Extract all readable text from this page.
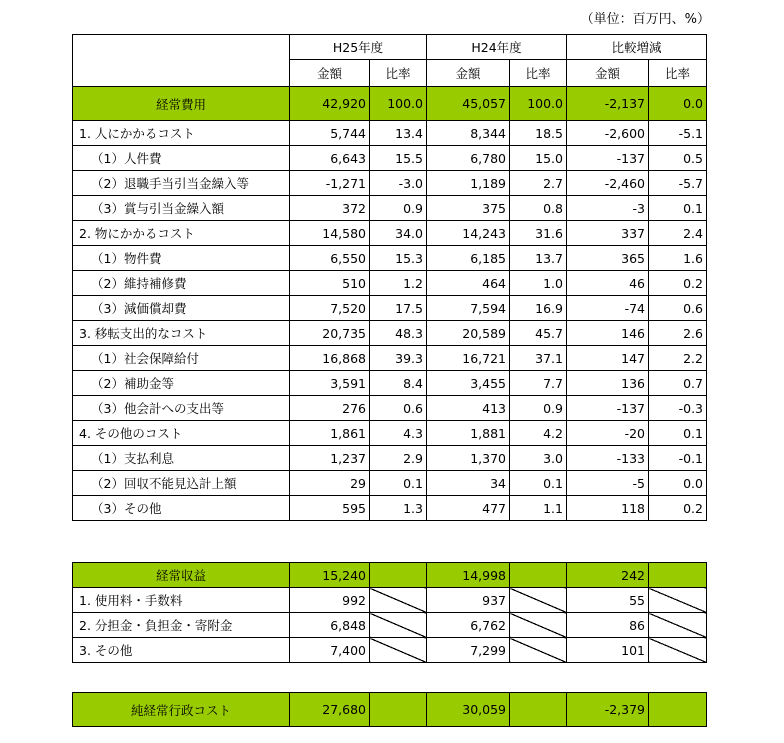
（単位：百万円、%）
	H25年度		H24年度		比較増減	
	金額	比率	金額	比率	金額	比率
経常費用	42,920	100.0	45,057	100.0	-2,137	0.0
1. 人にかかるコスト	5,744	13.4	8,344	18.5	-2,600	-5.1
（1）人件費	6,643	15.5	6,780	15.0	-137	0.5
（2）退職手当引当金繰入等	-1,271	-3.0	1,189	2.7	-2,460	-5.7
（3）賞与引当金繰入額	372	0.9	375	0.8	-3	0.1
2. 物にかかるコスト	14,580	34.0	14,243	31.6	337	2.4
（1）物件費	6,550	15.3	6,185	13.7	365	1.6
（2）維持補修費	510	1.2	464	1.0	46	0.2
（3）減価償却費	7,520	17.5	7,594	16.9	-74	0.6
3. 移転支出的なコスト	20,735	48.3	20,589	45.7	146	2.6
（1）社会保障給付	16,868	39.3	16,721	37.1	147	2.2
（2）補助金等	3,591	8.4	3,455	7.7	136	0.7
（3）他会計への支出等	276	0.6	413	0.9	-137	-0.3
4. その他のコスト	1,861	4.3	1,881	4.2	-20	0.1
（1）支払利息	1,237	2.9	1,370	3.0	-133	-0.1
（2）回収不能見込計上額	29	0.1	34	0.1	-5	0.0
（3）その他	595	1.3	477	1.1	118	0.2
経常収益	15,240		14,998		242	
1. 使用料・手数料	992		937		55	
2. 分担金・負担金・寄附金	6,848		6,762		86	
3. その他	7,400		7,299		101	
純経常行政コスト	27,680		30,059		-2,379	
